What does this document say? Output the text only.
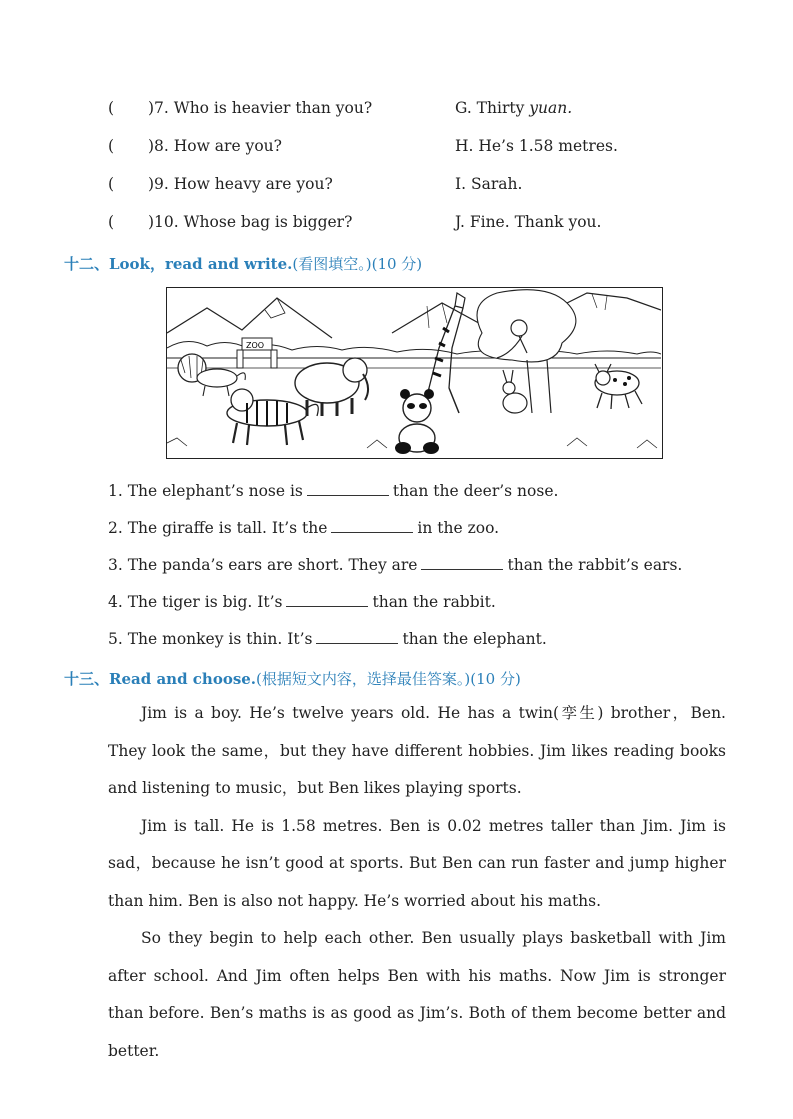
( )7. Who is heavier than you?	G. Thirty yuan.
( )8. How are you?	H. He’s 1.58 metres.
( )9. How heavy are you?	I. Sarah.
( )10. Whose bag is bigger?	J. Fine. Thank you.
十二、Look，read and write.(看图填空。)(10 分)
ZOO
1. The elephant’s nose is	than the deer’s nose.
2. The giraffe is tall. It’s the	in the zoo.
3. The panda’s ears are short. They are	than the rabbit’s ears.
4. The tiger is big. It’s	than the rabbit.
5. The monkey is thin. It’s	than the elephant.
十三、Read and choose.(根据短文内容，选择最佳答案。)(10 分)

Jim is a boy. He’s twelve years old. He has a twin(孪生) brother，Ben. They look the same，but they have different hobbies. Jim likes reading books and listening to music，but Ben likes playing sports.

Jim is tall. He is 1.58 metres. Ben is 0.02 metres taller than Jim. Jim is sad，because he isn’t good at sports. But Ben can run faster and jump higher than him. Ben is also not happy. He’s worried about his maths.

So they begin to help each other. Ben usually plays basketball with Jim after school. And Jim often helps Ben with his maths. Now Jim is stronger than before. Ben’s maths is as good as Jim’s. Both of them become better and better.
